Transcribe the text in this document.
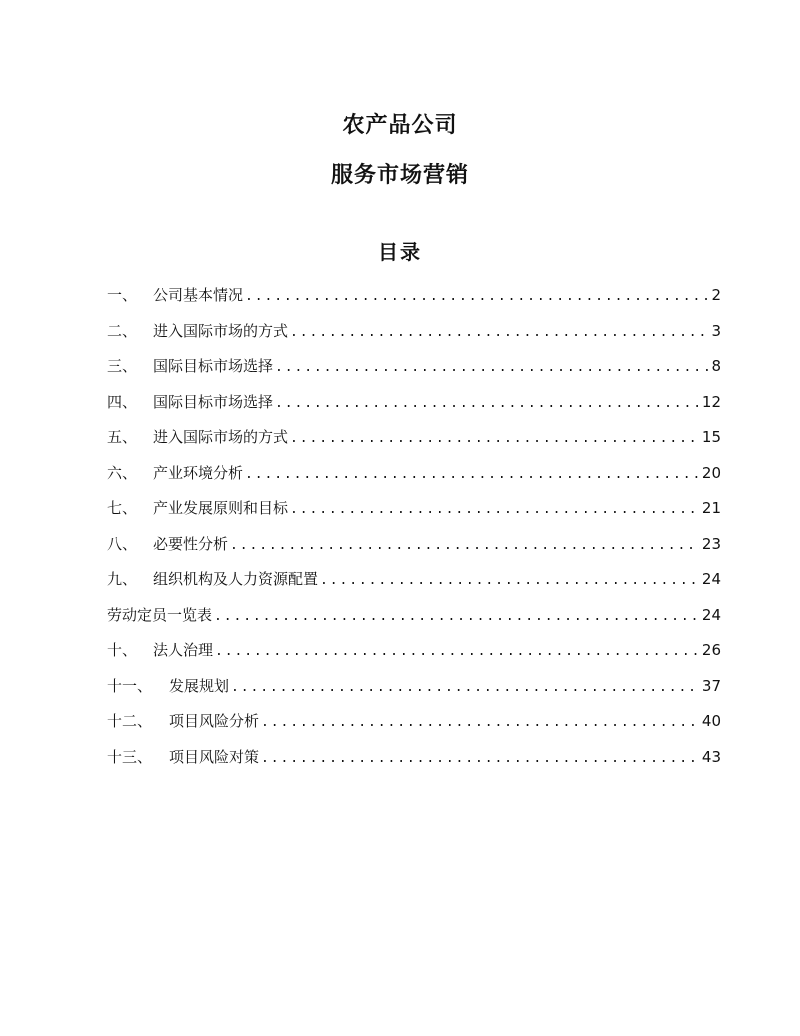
农产品公司
服务市场营销
目录
一、	公司基本情况 .....	2
二、	进入国际市场的方式 .....	3
三、	国际目标市场选择 .....	8
四、	国际目标市场选择 .....	12
五、	进入国际市场的方式 .....	15
六、	产业环境分析 .....	20
七、	产业发展原则和目标 .....	21
八、	必要性分析 .....	23
九、	组织机构及人力资源配置 .....	24
劳动定员一览表 .....	24
十、	法人治理 .....	26
十一、	发展规划 .....	37
十二、	项目风险分析 .....	40
十三、	项目风险对策 .....	43
